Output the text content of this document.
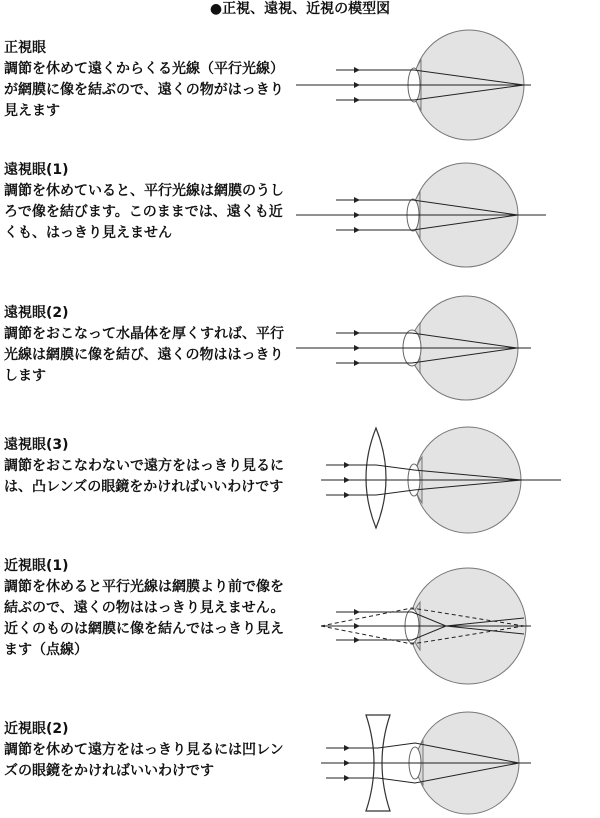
●正視、遠視、近視の模型図
正視眼
調節を休めて遠くからくる光線（平行光線）が網膜に像を結ぶので、遠くの物がはっきり見えます
遠視眼(1)
調節を休めていると、平行光線は網膜のうしろで像を結びます。このままでは、遠くも近くも、はっきり見えません
遠視眼(2)
調節をおこなって水晶体を厚くすれば、平行光線は網膜に像を結び、遠くの物ははっきりします
遠視眼(3)
調節をおこなわないで遠方をはっきり見るには、凸レンズの眼鏡をかければいいわけです
近視眼(1)
調節を休めると平行光線は網膜より前で像を結ぶので、遠くの物ははっきり見えません。近くのものは網膜に像を結んではっきり見えます（点線）
近視眼(2)
調節を休めて遠方をはっきり見るには凹レンズの眼鏡をかければいいわけです
